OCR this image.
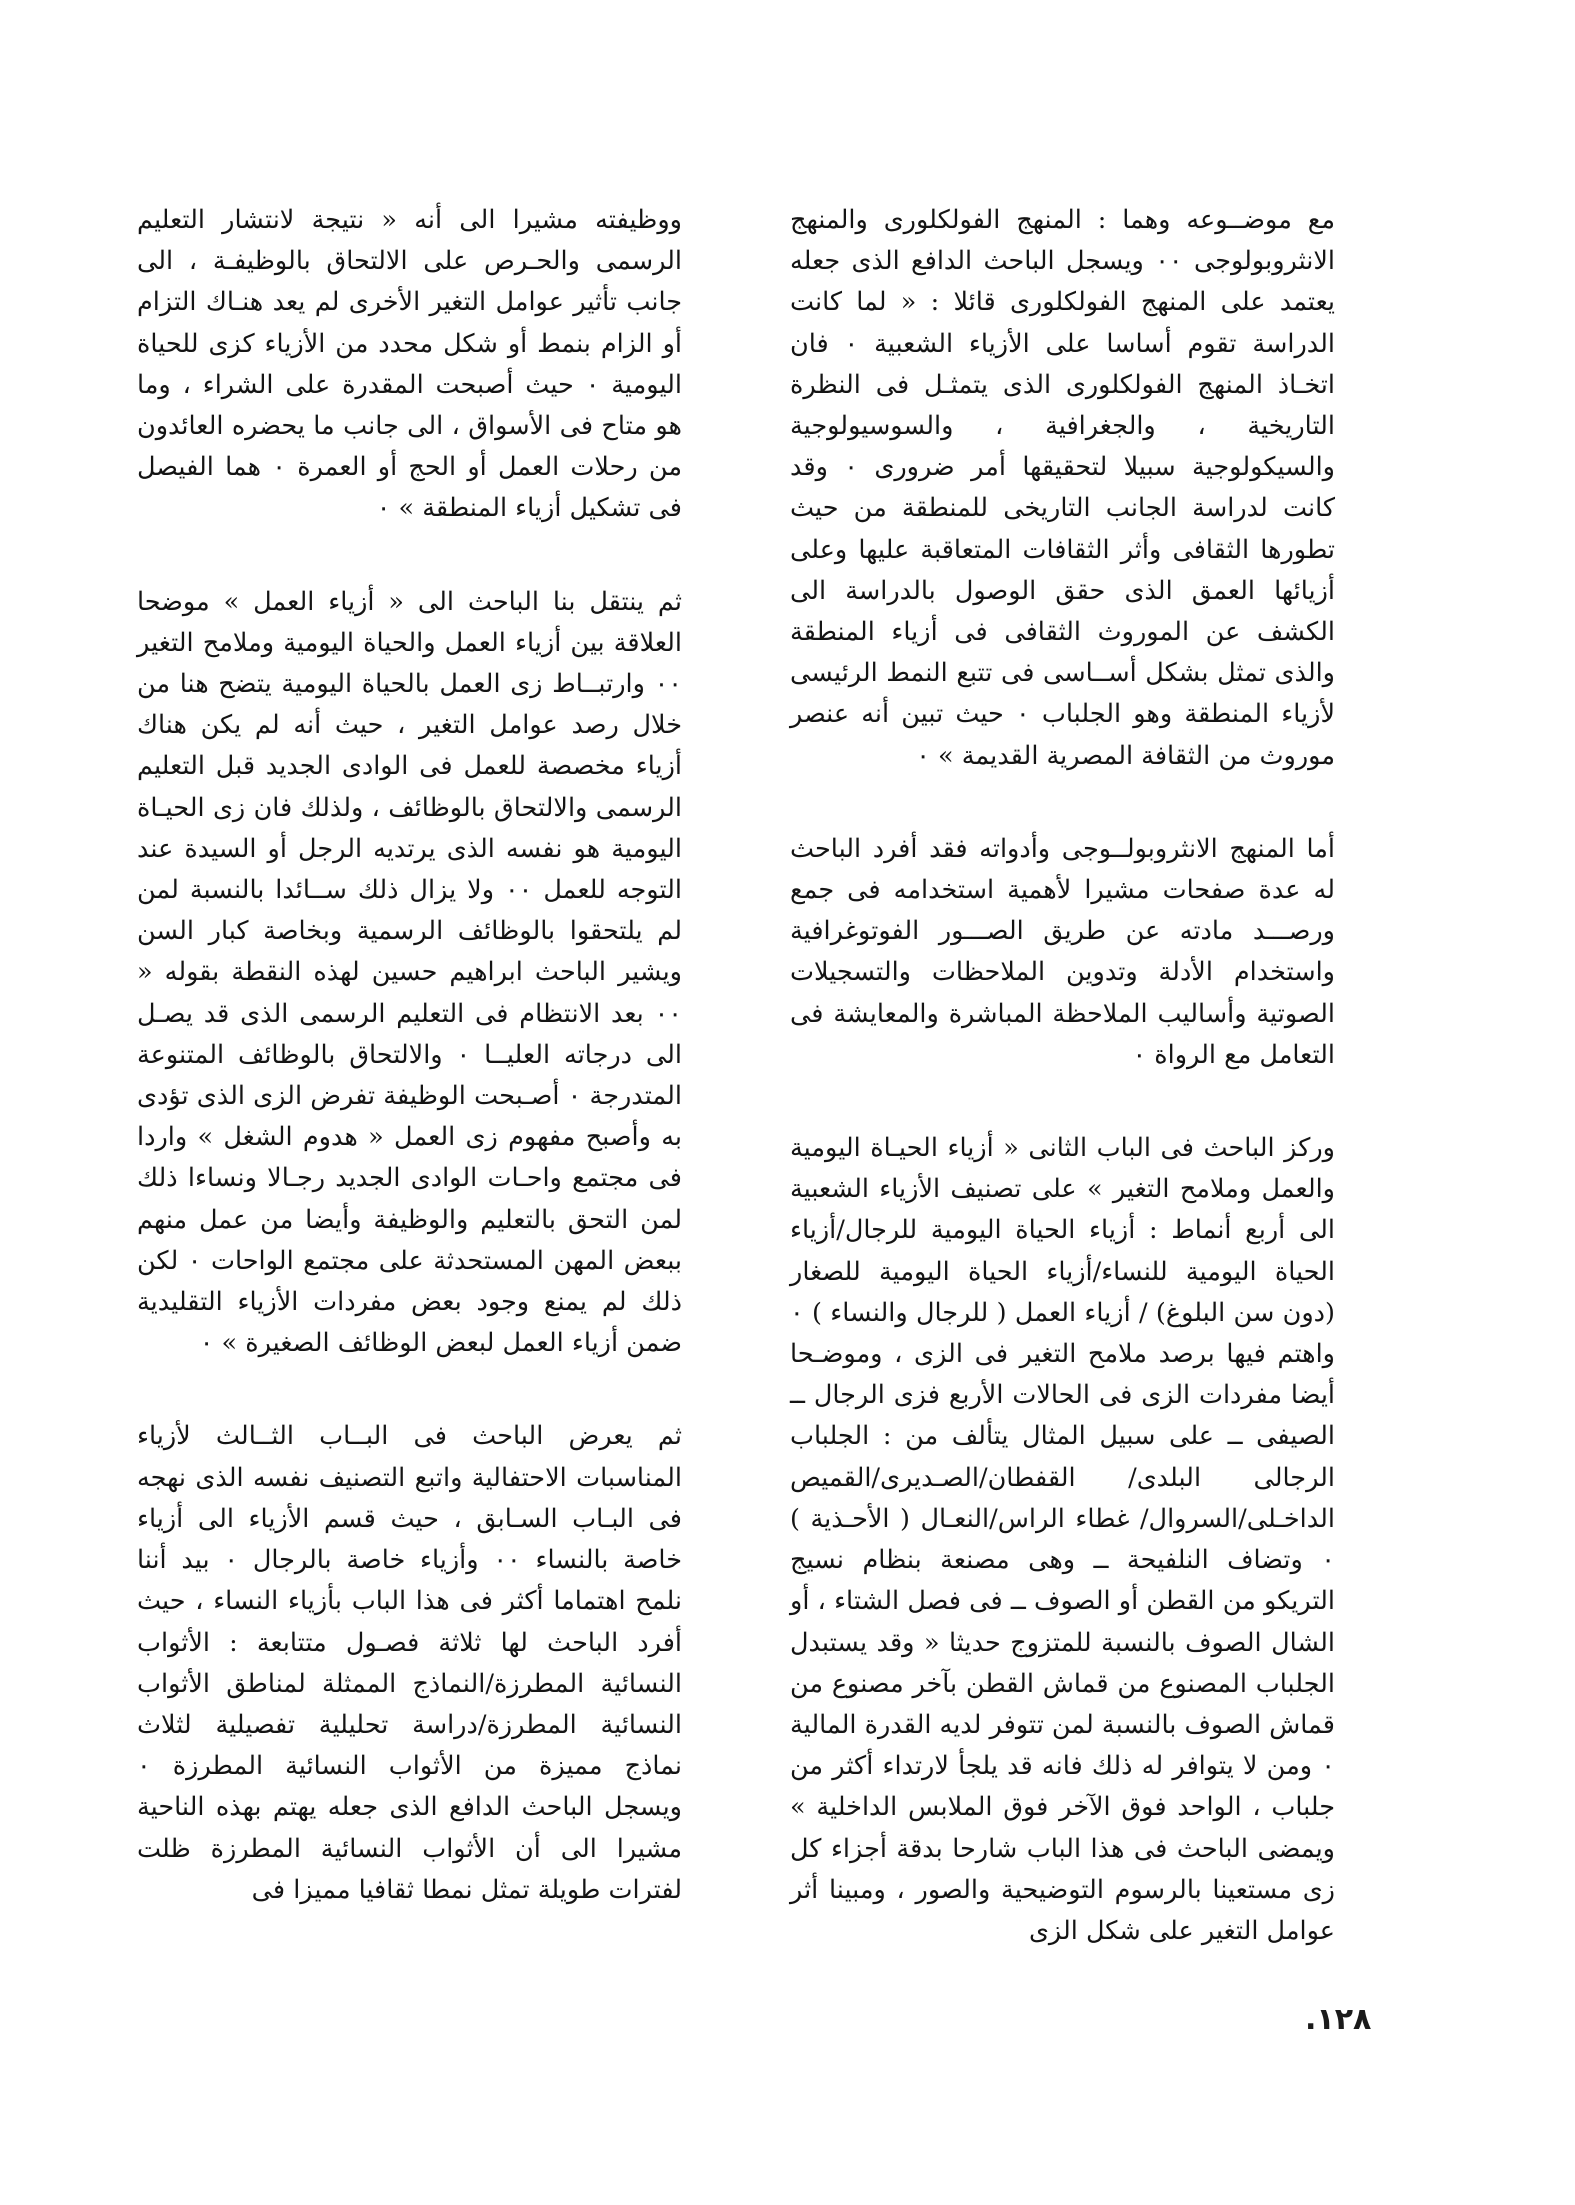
مع موضــوعه وهما : المنهج الفولكلورى والمنهج الانثروبولوجى ٠٠ ويسجل الباحث الدافع الذى جعله يعتمد على المنهج الفولكلورى قائلا : « لما كانت الدراسة تقوم أساسا على الأزياء الشعبية ٠ فان اتخـاذ المنهج الفولكلورى الذى يتمثـل فى النظرة التاريخية ، والجغرافية ، والسوسيولوجية والسيكولوجية سبيلا لتحقيقها أمر ضرورى ٠ وقد كانت لدراسة الجانب التاريخى للمنطقة من حيث تطورها الثقافى وأثر الثقافات المتعاقبة عليها وعلى أزيائها العمق الذى حقق الوصول بالدراسة الى الكشف عن الموروث الثقافى فى أزياء المنطقة والذى تمثل بشكل أســاسى فى تتبع النمط الرئيسى لأزياء المنطقة وهو الجلباب ٠ حيث تبين أنه عنصر موروث من الثقافة المصرية القديمة » ٠

أما المنهج الانثروبولــوجى وأدواته فقد أفرد الباحث له عدة صفحات مشيرا لأهمية استخدامه فى جمع ورصـــد مادته عن طريق الصـــور الفوتوغرافية واستخدام الأدلة وتدوين الملاحظات والتسجيلات الصوتية وأساليب الملاحظة المباشرة والمعايشة فى التعامل مع الرواة ٠

وركز الباحث فى الباب الثانى « أزياء الحيـاة اليومية والعمل وملامح التغير » على تصنيف الأزياء الشعبية الى أربع أنماط : أزياء الحياة اليومية للرجال/أزياء الحياة اليومية للنساء/أزياء الحياة اليومية للصغار (دون سن البلوغ) / أزياء العمل ( للرجال والنساء ) ٠ واهتم فيها برصد ملامح التغير فى الزى ، وموضـحا أيضا مفردات الزى فى الحالات الأربع فزى الرجال ــ الصيفى ــ على سبيل المثال يتألف من : الجلباب الرجالى البلدى/ القفطان/الصـديرى/القميص الداخـلى/السروال/ غطاء الراس/النعـال ( الأحـذية ) ٠ وتضاف النلفيحة ــ وهى مصنعة بنظام نسيج التريكو من القطن أو الصوف ــ فى فصل الشتاء ، أو الشال الصوف بالنسبة للمتزوج حديثا « وقد يستبدل الجلباب المصنوع من قماش القطن بآخر مصنوع من قماش الصوف بالنسبة لمن تتوفر لديه القدرة المالية ٠ ومن لا يتوافر له ذلك فانه قد يلجأ لارتداء أكثر من جلباب ، الواحد فوق الآخر فوق الملابس الداخلية » ويمضى الباحث فى هذا الباب شارحا بدقة أجزاء كل زى مستعينا بالرسوم التوضيحية والصور ، ومبينا أثر عوامل التغير على شكل الزى

ووظيفته مشيرا الى أنه « نتيجة لانتشار التعليم الرسمى والحـرص على الالتحاق بالوظيفـة ، الى جانب تأثير عوامل التغير الأخرى لم يعد هنـاك التزام أو الزام بنمط أو شكل محدد من الأزياء كزى للحياة اليومية ٠ حيث أصبحت المقدرة على الشراء ، وما هو متاح فى الأسواق ، الى جانب ما يحضره العائدون من رحلات العمل أو الحج أو العمرة ٠ هما الفيصل فى تشكيل أزياء المنطقة » ٠

ثم ينتقل بنا الباحث الى « أزياء العمل » موضحا العلاقة بين أزياء العمل والحياة اليومية وملامح التغير ٠٠ وارتبــاط زى العمل بالحياة اليومية يتضح هنا من خلال رصد عوامل التغير ، حيث أنه لم يكن هناك أزياء مخصصة للعمل فى الوادى الجديد قبل التعليم الرسمى والالتحاق بالوظائف ، ولذلك فان زى الحيـاة اليومية هو نفسه الذى يرتديه الرجل أو السيدة عند التوجه للعمل ٠٠ ولا يزال ذلك ســائدا بالنسبة لمن لم يلتحقوا بالوظائف الرسمية وبخاصة كبار السن ويشير الباحث ابراهيم حسين لهذه النقطة بقوله « ٠٠ بعد الانتظام فى التعليم الرسمى الذى قد يصـل الى درجاته العليــا ٠ والالتحاق بالوظائف المتنوعة المتدرجة ٠ أصـبحت الوظيفة تفرض الزى الذى تؤدى به وأصبح مفهوم زى العمل « هدوم الشغل » واردا فى مجتمع واحـات الوادى الجديد رجـالا ونساءا ذلك لمن التحق بالتعليم والوظيفة وأيضا من عمل منهم ببعض المهن المستحدثة على مجتمع الواحات ٠ لكن ذلك لم يمنع وجود بعض مفردات الأزياء التقليدية ضمن أزياء العمل لبعض الوظائف الصغيرة » ٠

ثم يعرض الباحث فى البــاب الثــالث لأزياء المناسبات الاحتفالية واتبع التصنيف نفسه الذى نهجه فى البـاب السـابق ، حيث قسم الأزياء الى أزياء خاصة بالنساء ٠٠ وأزياء خاصة بالرجال ٠ بيد أننا نلمح اهتماما أكثر فى هذا الباب بأزياء النساء ، حيث أفرد الباحث لها ثلاثة فصـول متتابعة : الأثواب النسائية المطرزة/النماذج الممثلة لمناطق الأثواب النسائية المطرزة/دراسة تحليلية تفصيلية لثلاث نماذج مميزة من الأثواب النسائية المطرزة ٠ ويسجل الباحث الدافع الذى جعله يهتم بهذه الناحية مشيرا الى أن الأثواب النسائية المطرزة ظلت لفترات طويلة تمثل نمطا ثقافيا مميزا فى

.١٢٨
